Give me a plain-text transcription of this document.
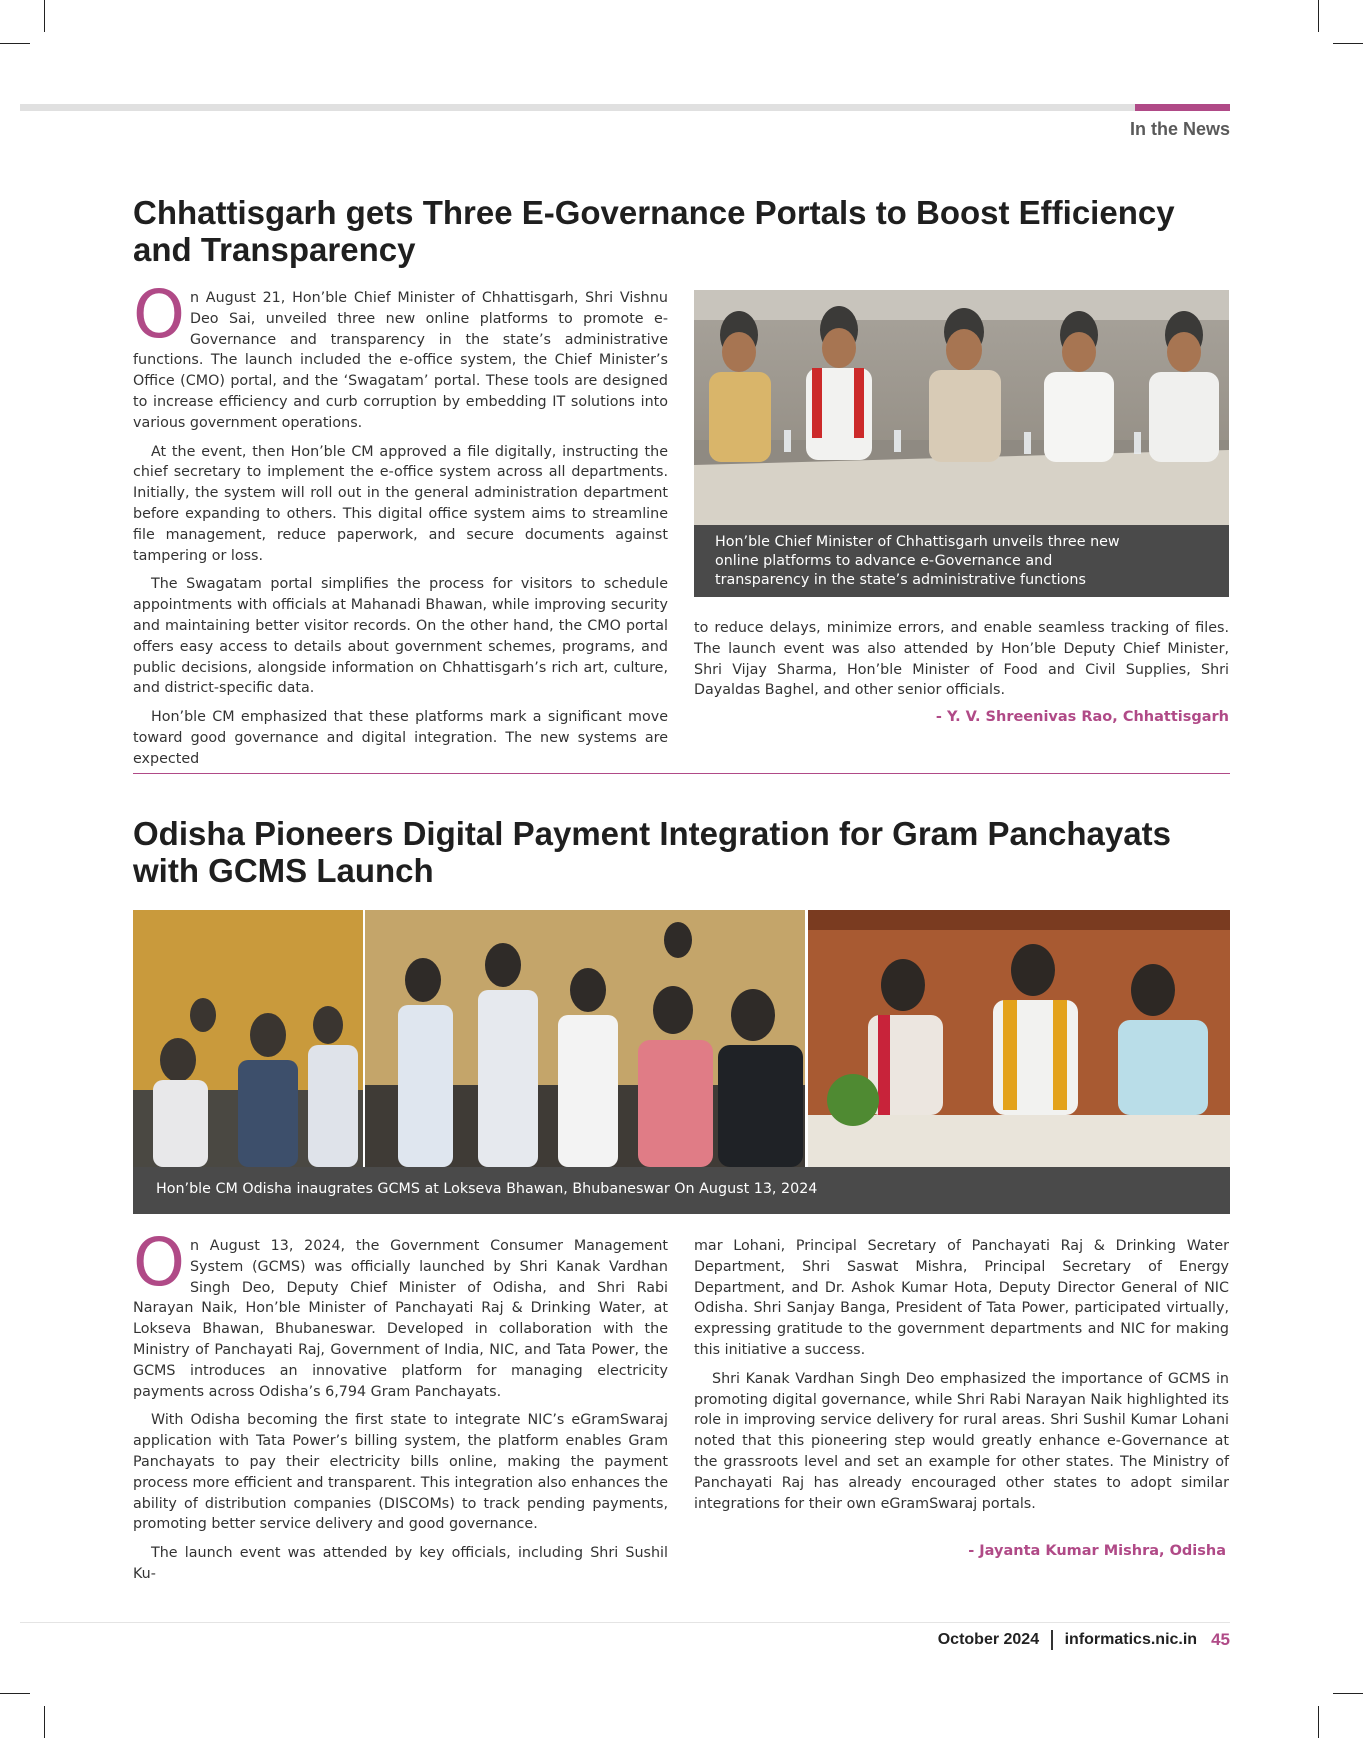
In the News
Chhattisgarh gets Three E-Governance Portals to Boost Efficiency and Transparency

On August 21, Hon’ble Chief Minister of Chhattisgarh, Shri Vishnu Deo Sai, unveiled three new online platforms to promote e-Governance and transparency in the state’s administrative functions. The launch included the e-office system, the Chief Minister’s Office (CMO) portal, and the ‘Swagatam’ portal. These tools are designed to increase efficiency and curb corruption by embedding IT solutions into various government operations.

At the event, then Hon’ble CM approved a file digitally, instructing the chief secretary to implement the e-office system across all departments. Initially, the system will roll out in the general administration department before expanding to others. This digital office system aims to streamline file management, reduce paperwork, and secure documents against tampering or loss.

The Swagatam portal simplifies the process for visitors to schedule appointments with officials at Mahanadi Bhawan, while improving security and maintaining better visitor records. On the other hand, the CMO portal offers easy access to details about government schemes, programs, and public decisions, alongside information on Chhattisgarh’s rich art, culture, and district-specific data.

Hon’ble CM emphasized that these platforms mark a significant move toward good governance and digital integration. The new systems are expected

Hon’ble Chief Minister of Chhattisgarh unveils three new online platforms to advance e-Governance and transparency in the state’s administrative functions

to reduce delays, minimize errors, and enable seamless tracking of files. The launch event was also attended by Hon’ble Deputy Chief Minister, Shri Vijay Sharma, Hon’ble Minister of Food and Civil Supplies, Shri Dayaldas Baghel, and other senior officials.

- Y. V. Shreenivas Rao, Chhattisgarh
Odisha Pioneers Digital Payment Integration for Gram Panchayats with GCMS Launch
Hon’ble CM Odisha inaugrates GCMS at Lokseva Bhawan, Bhubaneswar On August 13, 2024

On August 13, 2024, the Government Consumer Management System (GCMS) was officially launched by Shri Kanak Vardhan Singh Deo, Deputy Chief Minister of Odisha, and Shri Rabi Narayan Naik, Hon’ble Minister of Panchayati Raj & Drinking Water, at Lokseva Bhawan, Bhubaneswar. Developed in collaboration with the Ministry of Panchayati Raj, Government of India, NIC, and Tata Power, the GCMS introduces an innovative platform for managing electricity payments across Odisha’s 6,794 Gram Panchayats.

With Odisha becoming the first state to integrate NIC’s eGramSwaraj application with Tata Power’s billing system, the platform enables Gram Panchayats to pay their electricity bills online, making the payment process more efficient and transparent. This integration also enhances the ability of distribution companies (DISCOMs) to track pending payments, promoting better service delivery and good governance.

The launch event was attended by key officials, including Shri Sushil Ku-

mar Lohani, Principal Secretary of Panchayati Raj & Drinking Water Department, Shri Saswat Mishra, Principal Secretary of Energy Department, and Dr. Ashok Kumar Hota, Deputy Director General of NIC Odisha. Shri Sanjay Banga, President of Tata Power, participated virtually, expressing gratitude to the government departments and NIC for making this initiative a success.

Shri Kanak Vardhan Singh Deo emphasized the importance of GCMS in promoting digital governance, while Shri Rabi Narayan Naik highlighted its role in improving service delivery for rural areas. Shri Sushil Kumar Lohani noted that this pioneering step would greatly enhance e-Governance at the grassroots level and set an example for other states. The Ministry of Panchayati Raj has already encouraged other states to adopt similar integrations for their own eGramSwaraj portals.

- Jayanta Kumar Mishra, Odisha
October 2024 informatics.nic.in 45
